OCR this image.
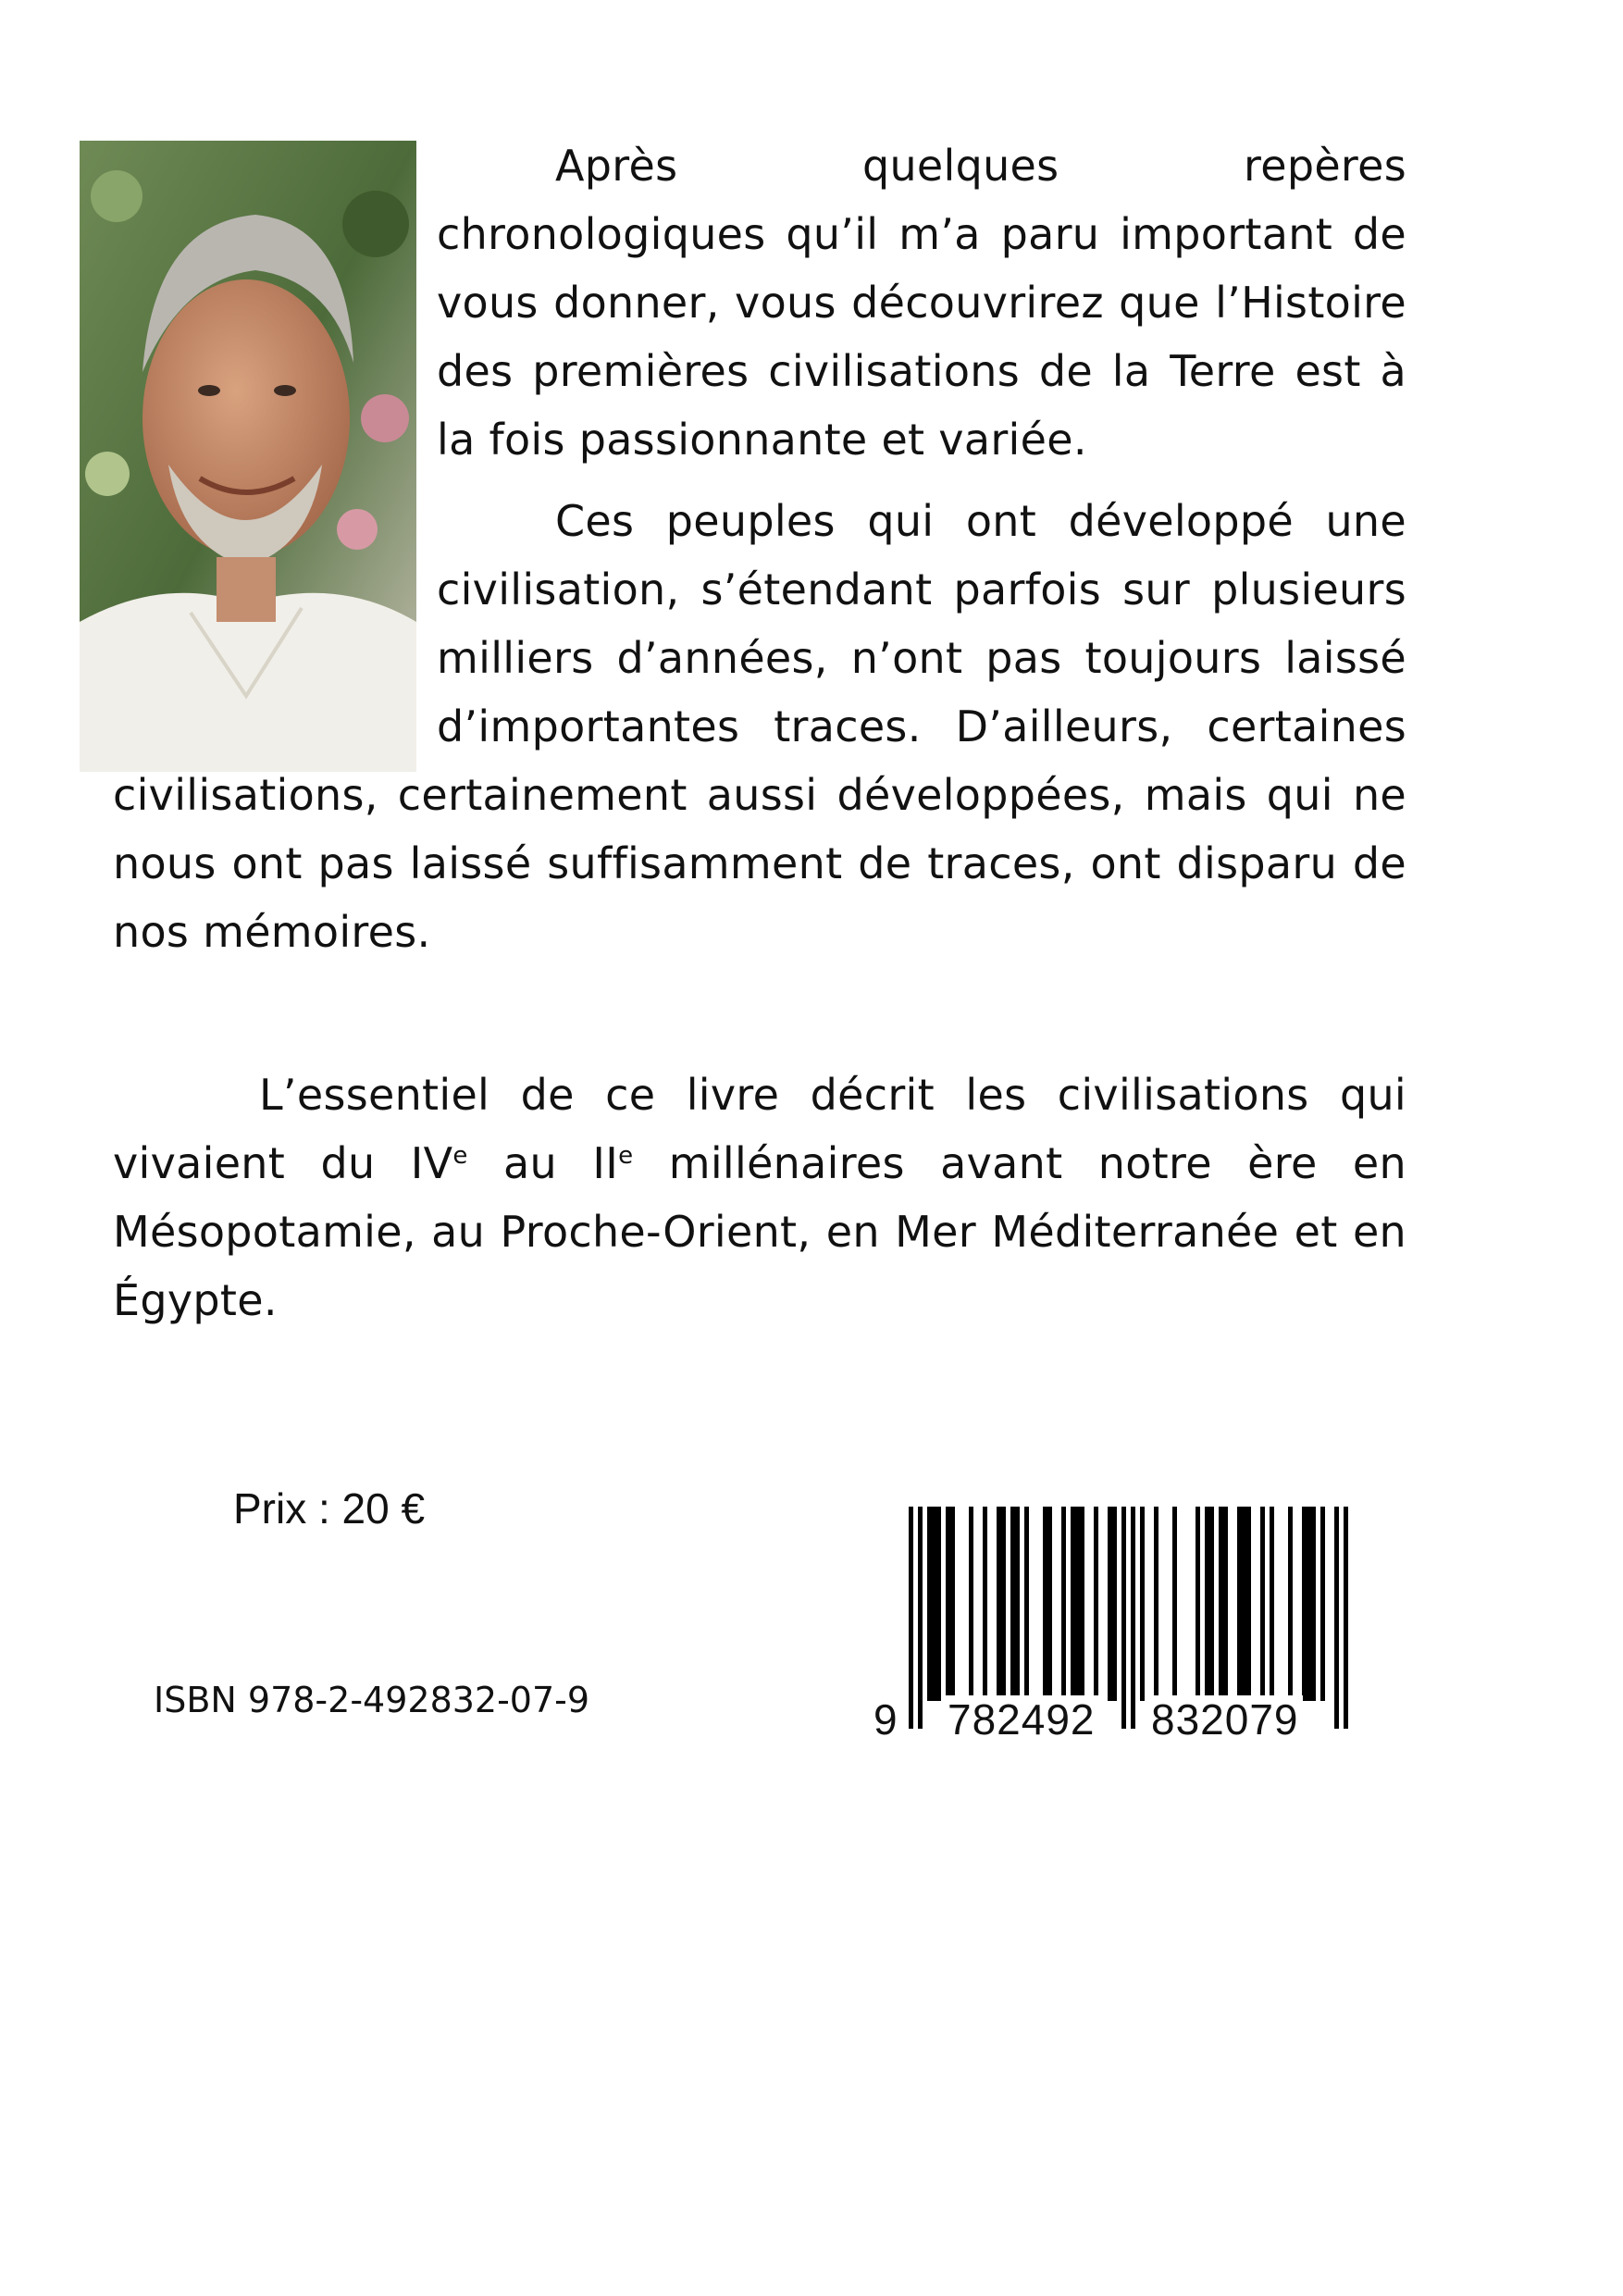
Après quelques repères chronologiques qu’il m’a paru important de vous donner, vous découvrirez que l’Histoire des premières civilisations de la Terre est à la fois passionnante et variée.

Ces peuples qui ont développé une civilisation, s’étendant parfois sur plusieurs milliers d’années, n’ont pas toujours laissé d’importantes traces. D’ailleurs, certaines civilisations, certainement aussi développées, mais qui ne nous ont pas laissé suffisamment de traces, ont disparu de nos mémoires.

L’essentiel de ce livre décrit les civilisations qui vivaient du IVe au IIe millénaires avant notre ère en Mésopotamie, au Proche-Orient, en Mer Méditerranée et en Égypte.

Prix : 20 €
ISBN 978-2-492832-07-9	9 782492 832079
